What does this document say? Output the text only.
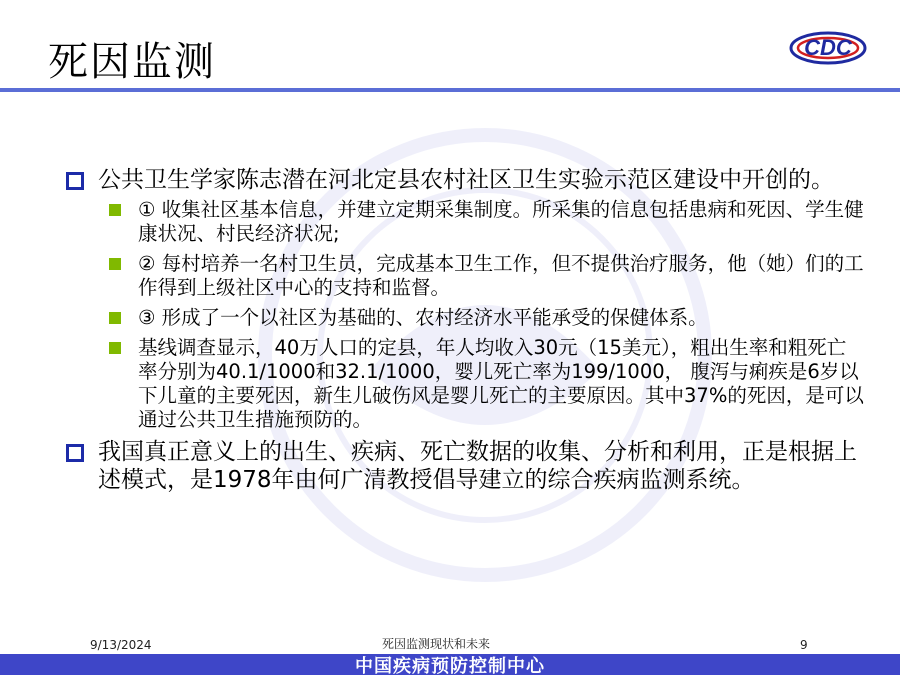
死因监测	CDC
公共卫生学家陈志潜在河北定县农村社区卫生实验示范区建设中开创的。
① 收集社区基本信息，并建立定期采集制度。所采集的信息包括患病和死因、学生健康状况、村民经济状况;
② 每村培养一名村卫生员，完成基本卫生工作，但不提供治疗服务，他（她）们的工作得到上级社区中心的支持和监督。
③ 形成了一个以社区为基础的、农村经济水平能承受的保健体系。
基线调查显示，40万人口的定县，年人均收入30元（15美元），粗出生率和粗死亡率分别为40.1/1000和32.1/1000，婴儿死亡率为199/1000， 腹泻与痢疾是6岁以下儿童的主要死因，新生儿破伤风是婴儿死亡的主要原因。其中37%的死因，是可以通过公共卫生措施预防的。
我国真正意义上的出生、疾病、死亡数据的收集、分析和利用，正是根据上述模式，是1978年由何广清教授倡导建立的综合疾病监测系统。
9/13/2024	死因监测现状和未来	9
中国疾病预防控制中心
